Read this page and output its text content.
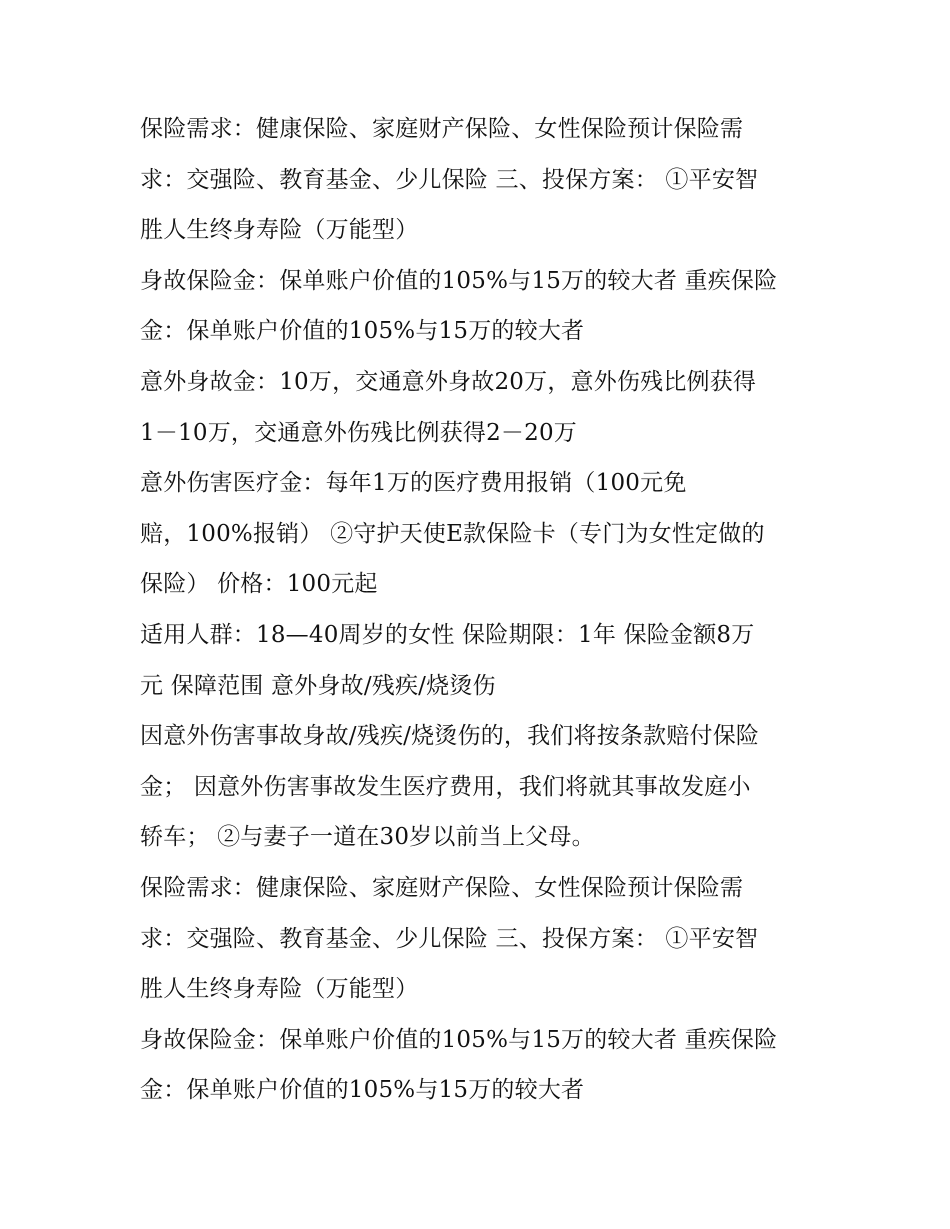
保险需求：健康保险、家庭财产保险、女性保险预计保险需
求：交强险、教育基金、少儿保险 三、投保方案： ①平安智
胜人生终身寿险（万能型）
身故保险金：保单账户价值的105%与15万的较大者 重疾保险
金：保单账户价值的105%与15万的较大者
意外身故金：10万，交通意外身故20万，意外伤残比例获得
1－10万，交通意外伤残比例获得2－20万
意外伤害医疗金：每年1万的医疗费用报销（100元免
赔，100%报销） ②守护天使E款保险卡（专门为女性定做的
保险） 价格：100元起
适用人群：18—40周岁的女性 保险期限：1年 保险金额8万
元 保障范围 意外身故/残疾/烧烫伤
因意外伤害事故身故/残疾/烧烫伤的，我们将按条款赔付保险
金； 因意外伤害事故发生医疗费用，我们将就其事故发庭小
轿车； ②与妻子一道在30岁以前当上父母。
保险需求：健康保险、家庭财产保险、女性保险预计保险需
求：交强险、教育基金、少儿保险 三、投保方案： ①平安智
胜人生终身寿险（万能型）
身故保险金：保单账户价值的105%与15万的较大者 重疾保险
金：保单账户价值的105%与15万的较大者
